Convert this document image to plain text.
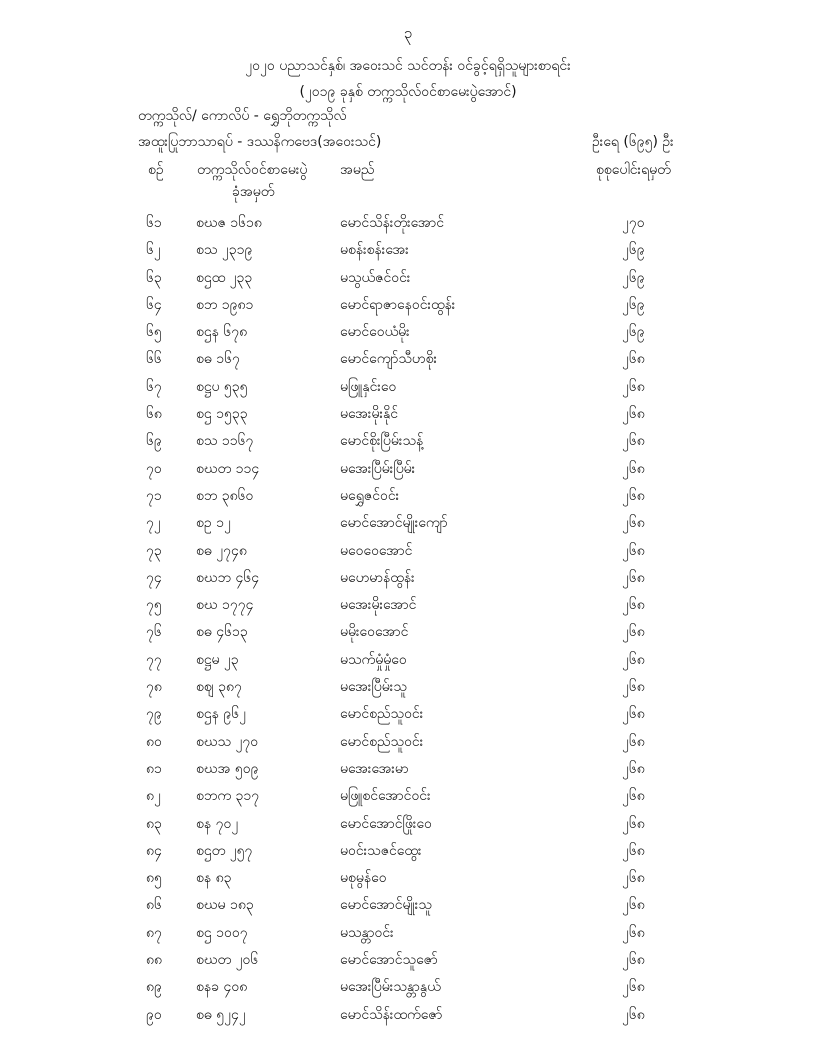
၃
၂၀၂၀ ပညာသင်နှစ်၊ အဝေးသင် သင်တန်း ဝင်ခွင့်ရရှိသူများစာရင်း
(၂၀၁၉ ခုနှစ် တက္ကသိုလ်ဝင်စာမေးပွဲအောင်)
တက္ကသိုလ်/ ကောလိပ် - ရွှေဘိုတက္ကသိုလ်
အထူးပြုဘာသာရပ် - ဒဿနိကဗေဒ(အဝေးသင်)	ဦးရေ (၆၉၅) ဦး
စဉ် တက္ကသိုလ်ဝင်စာမေးပွဲ
ခုံအမှတ်
အမည်	စုစုပေါင်းရမှတ်
၆၁ စဃဇ ၁၆၁၈	မောင်သိန်းတိုးအောင်	၂၇၀
၆၂	စသ ၂၃၁၉	မစန်းစန်းအေး	၂၆၉
၆၃ စဌထ ၂၃၃	မသွယ်ဇင်ဝင်း	၂၆၉
၆၄ စဘ ၁၉၈၁	မောင်ရာဇာနေဝင်းထွန်း	၂၆၉
၆၅ စဌန ၆၇၈	မောင်ဝေယံမိုး	၂၆၉
၆၆ စဓ ၁၆၇	မောင်ကျော်သီဟစိုး	၂၆၈
၆၇ စဋ္ဌပ ၅၃၅	မဖြူနှင်းဝေ	၂၆၈
၆၈ စဌ ၁၅၃၃	မအေးမိုးနိုင်	၂၆၈
၆၉ စသ ၁၁၆၇	မောင်စိုးပြီမ်းသန့်	၂၆၈
၇၀ စဃတ ၁၁၄	မအေးပြီမ်းပြီမ်း	၂၆၈
၇၁ စဘ ၃၈၆၀	မရွှေဇင်ဝင်း	၂၆၈
၇၂	စဥ ၁၂	မောင်အောင်မျိုးကျော်	၂၆၈
၇၃ စဓ ၂၇၄၈	မဝေဝေအောင်	၂၆၈
၇၄ စဃဘ ၄၆၄	မဟေမာန်ထွန်း	၂၆၈
၇၅ စဃ ၁၇၇၄	မအေးမိုးအောင်	၂၆၈
၇၆ စဓ ၄၆၁၃	မမိုးဝေအောင်	၂၆၈
၇၇ စဋ္ဌမ ၂၃	မသက်မှုံမှုံဝေ	၂၆၈
၇၈ စဈ ၃၈၇	မအေးပြီမ်းသူ	၂၆၈
၇၉ စဌန ၉၆၂	မောင်စည်သူဝင်း	၂၆၈
၈၀ စဃသ ၂၇၀	မောင်စည်သူဝင်း	၂၆၈
၈၁ စဃအ ၅၀၉	မအေးအေးမာ	၂၆၈
၈၂	စဘက ၃၁၇	မဖြူစင်အောင်ဝင်း	၂၆၈
၈၃ စန ၇၀၂	မောင်အောင်ဖြိုးဝေ	၂၆၈
၈၄ စဌတ ၂၅၇	မဝင်းသဇင်ထွေး	၂၆၈
၈၅ စန ၈၃	မစုမွန်ဝေ	၂၆၈
၈၆ စဃမ ၁၈၃	မောင်အောင်မျိုးသူ	၂၆၈
၈၇ စဌ ၁၀၀၇	မသန္တာဝင်း	၂၆၈
၈၈ စဃတ ၂၀၆	မောင်အောင်သူဇော်	၂၆၈
၈၉ စနခ ၄၀၈	မအေးပြီမ်းသန္တာနွယ်	၂၆၈
၉၀ စဓ ၅၂၄၂	မောင်သိန်းထက်ဇော်	၂၆၈
